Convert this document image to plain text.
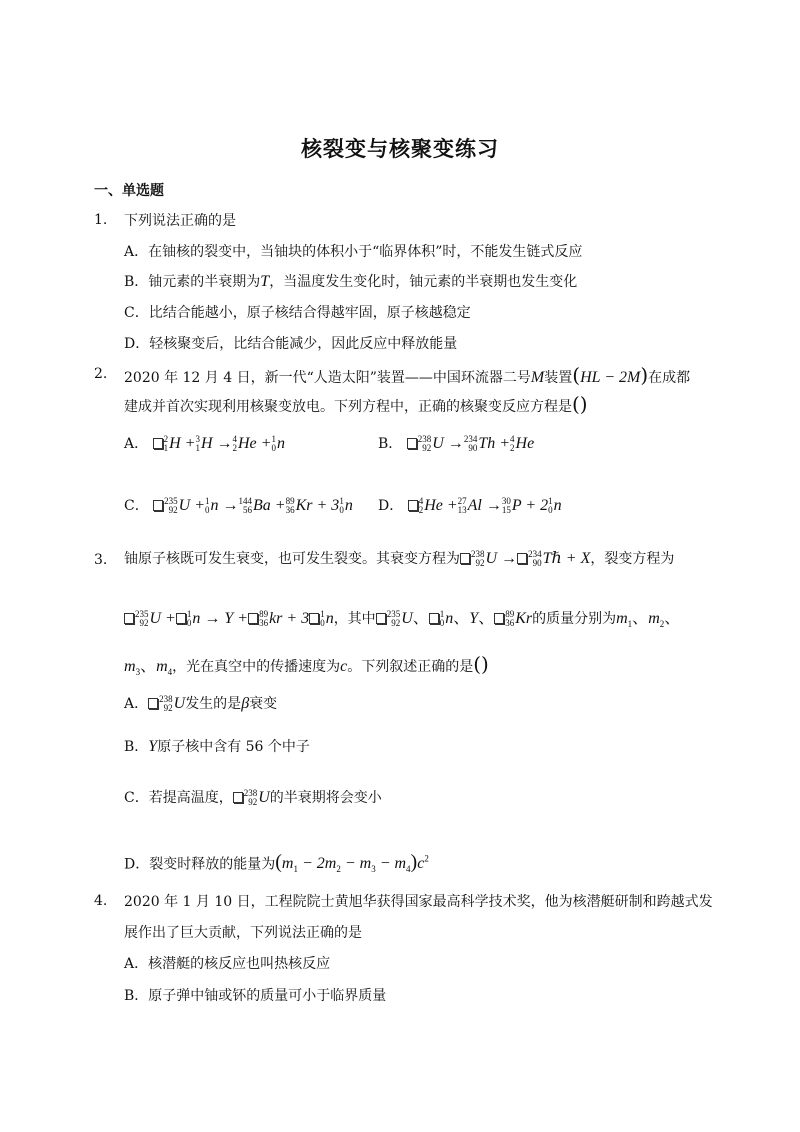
核裂变与核聚变练习
一、单选题
1. 下列说法正确的是
A．在铀核的裂变中，当铀块的体积小于“临界体积”时，不能发生链式反应
B．铀元素的半衰期为T，当温度发生变化时，铀元素的半衰期也发生变化
C．比结合能越小，原子核结合得越牢固，原子核越稳定
D．轻核聚变后，比结合能减少，因此反应中释放能量
2. 2020 年 12 月 4 日，新一代“人造太阳”装置——中国环流器二号M装置(HL − 2M)在成都
建成并首次实现利用核聚变放电。下列方程中，正确的核聚变反应方程是()
A． 2
1 H + 3
1 H → 4
2 He + 1
0 n	B． 238
92 U → 234
90 Th + 4
2 He
C． 235
92 U + 1
0 n → 144
56 Ba + 89
36 Kr + 3 1
0 n D． 4
2 He + 27
13 Al → 30
15 P + 2 1
0 n
3. 铀原子核既可发生衰变，也可发生裂变。其衰变方程为 238
92 U → 234
90 Tℏ + X，裂变方程为
235
92 U + 1
0 n → Y + 89
36 kr + 3 1
0 n，其中 235
92 U、 1
0 n、Y、 89
36 Kr的质量分别为$m_1$、$m_2$、
$m_3$、$m_4$，光在真空中的传播速度为c。下列叙述正确的是()
A． 238
92 U发生的是β衰变
B．Y原子核中含有 56 个中子
C．若提高温度， 238
92 U的半衰期将会变小
D．裂变时释放的能量为$(m_1 - 2m_2 - m_3 - m_4)c^2$
4. 2020 年 1 月 10 日，工程院院士黄旭华获得国家最高科学技术奖，他为核潜艇研制和跨越式发
展作出了巨大贡献，下列说法正确的是
A．核潜艇的核反应也叫热核反应
B．原子弹中铀或钚的质量可小于临界质量
